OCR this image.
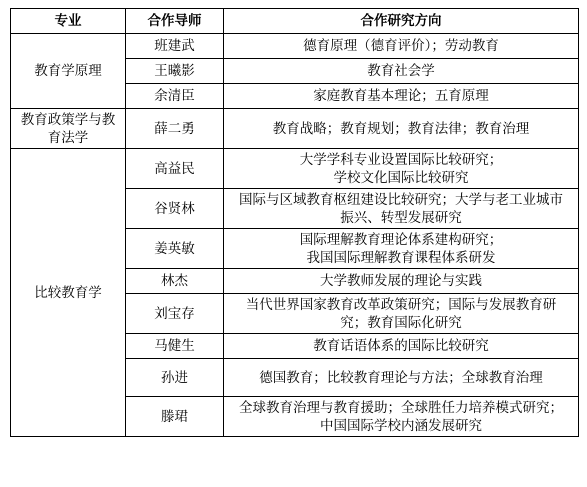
专业	合作导师	合作研究方向
教育学原理	班建武	德育原理（德育评价）；劳动教育

	王曦影	教育社会学

	余清臣	家庭教育基本理论；五育原理

教育政策学与教育法学	薛二勇	教育战略；教育规划；教育法律；教育治理

比较教育学	高益民	大学学科专业设置国际比较研究；
学校文化国际比较研究

	谷贤林	国际与区域教育枢纽建设比较研究；大学与老工业城市
振兴、转型发展研究

	姜英敏	国际理解教育理论体系建构研究；
我国国际理解教育课程体系研发

	林杰	大学教师发展的理论与实践

	刘宝存	当代世界国家教育改革政策研究；国际与发展教育研
究；教育国际化研究

	马健生	教育话语体系的国际比较研究

	孙进	德国教育；比较教育理论与方法；全球教育治理

	滕珺	全球教育治理与教育援助；全球胜任力培养模式研究；
中国国际学校内涵发展研究
